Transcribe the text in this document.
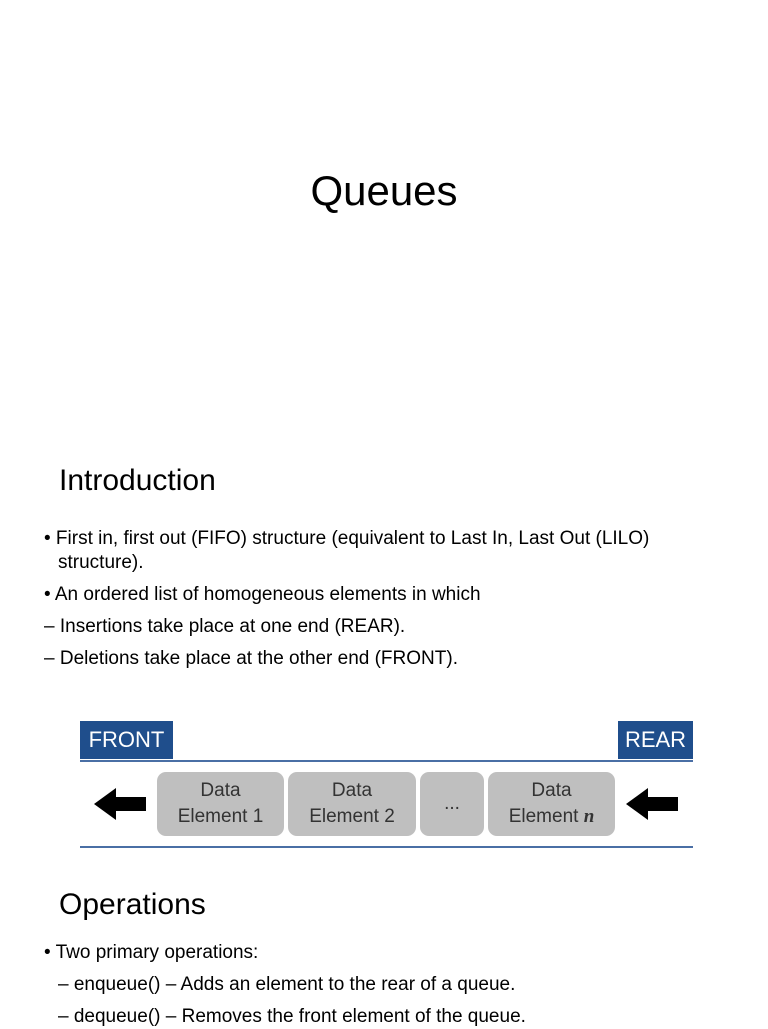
Queues
Introduction
• First in, first out (FIFO) structure (equivalent to Last In, Last Out (LILO)
structure).
• An ordered list of homogeneous elements in which
– Insertions take place at one end (REAR).
– Deletions take place at the other end (FRONT).
FRONT	REAR
Data
Element 1
Data
Element 2
...
Data
Element n
Operations
• Two primary operations:
– enqueue() – Adds an element to the rear of a queue.
– dequeue() – Removes the front element of the queue.
